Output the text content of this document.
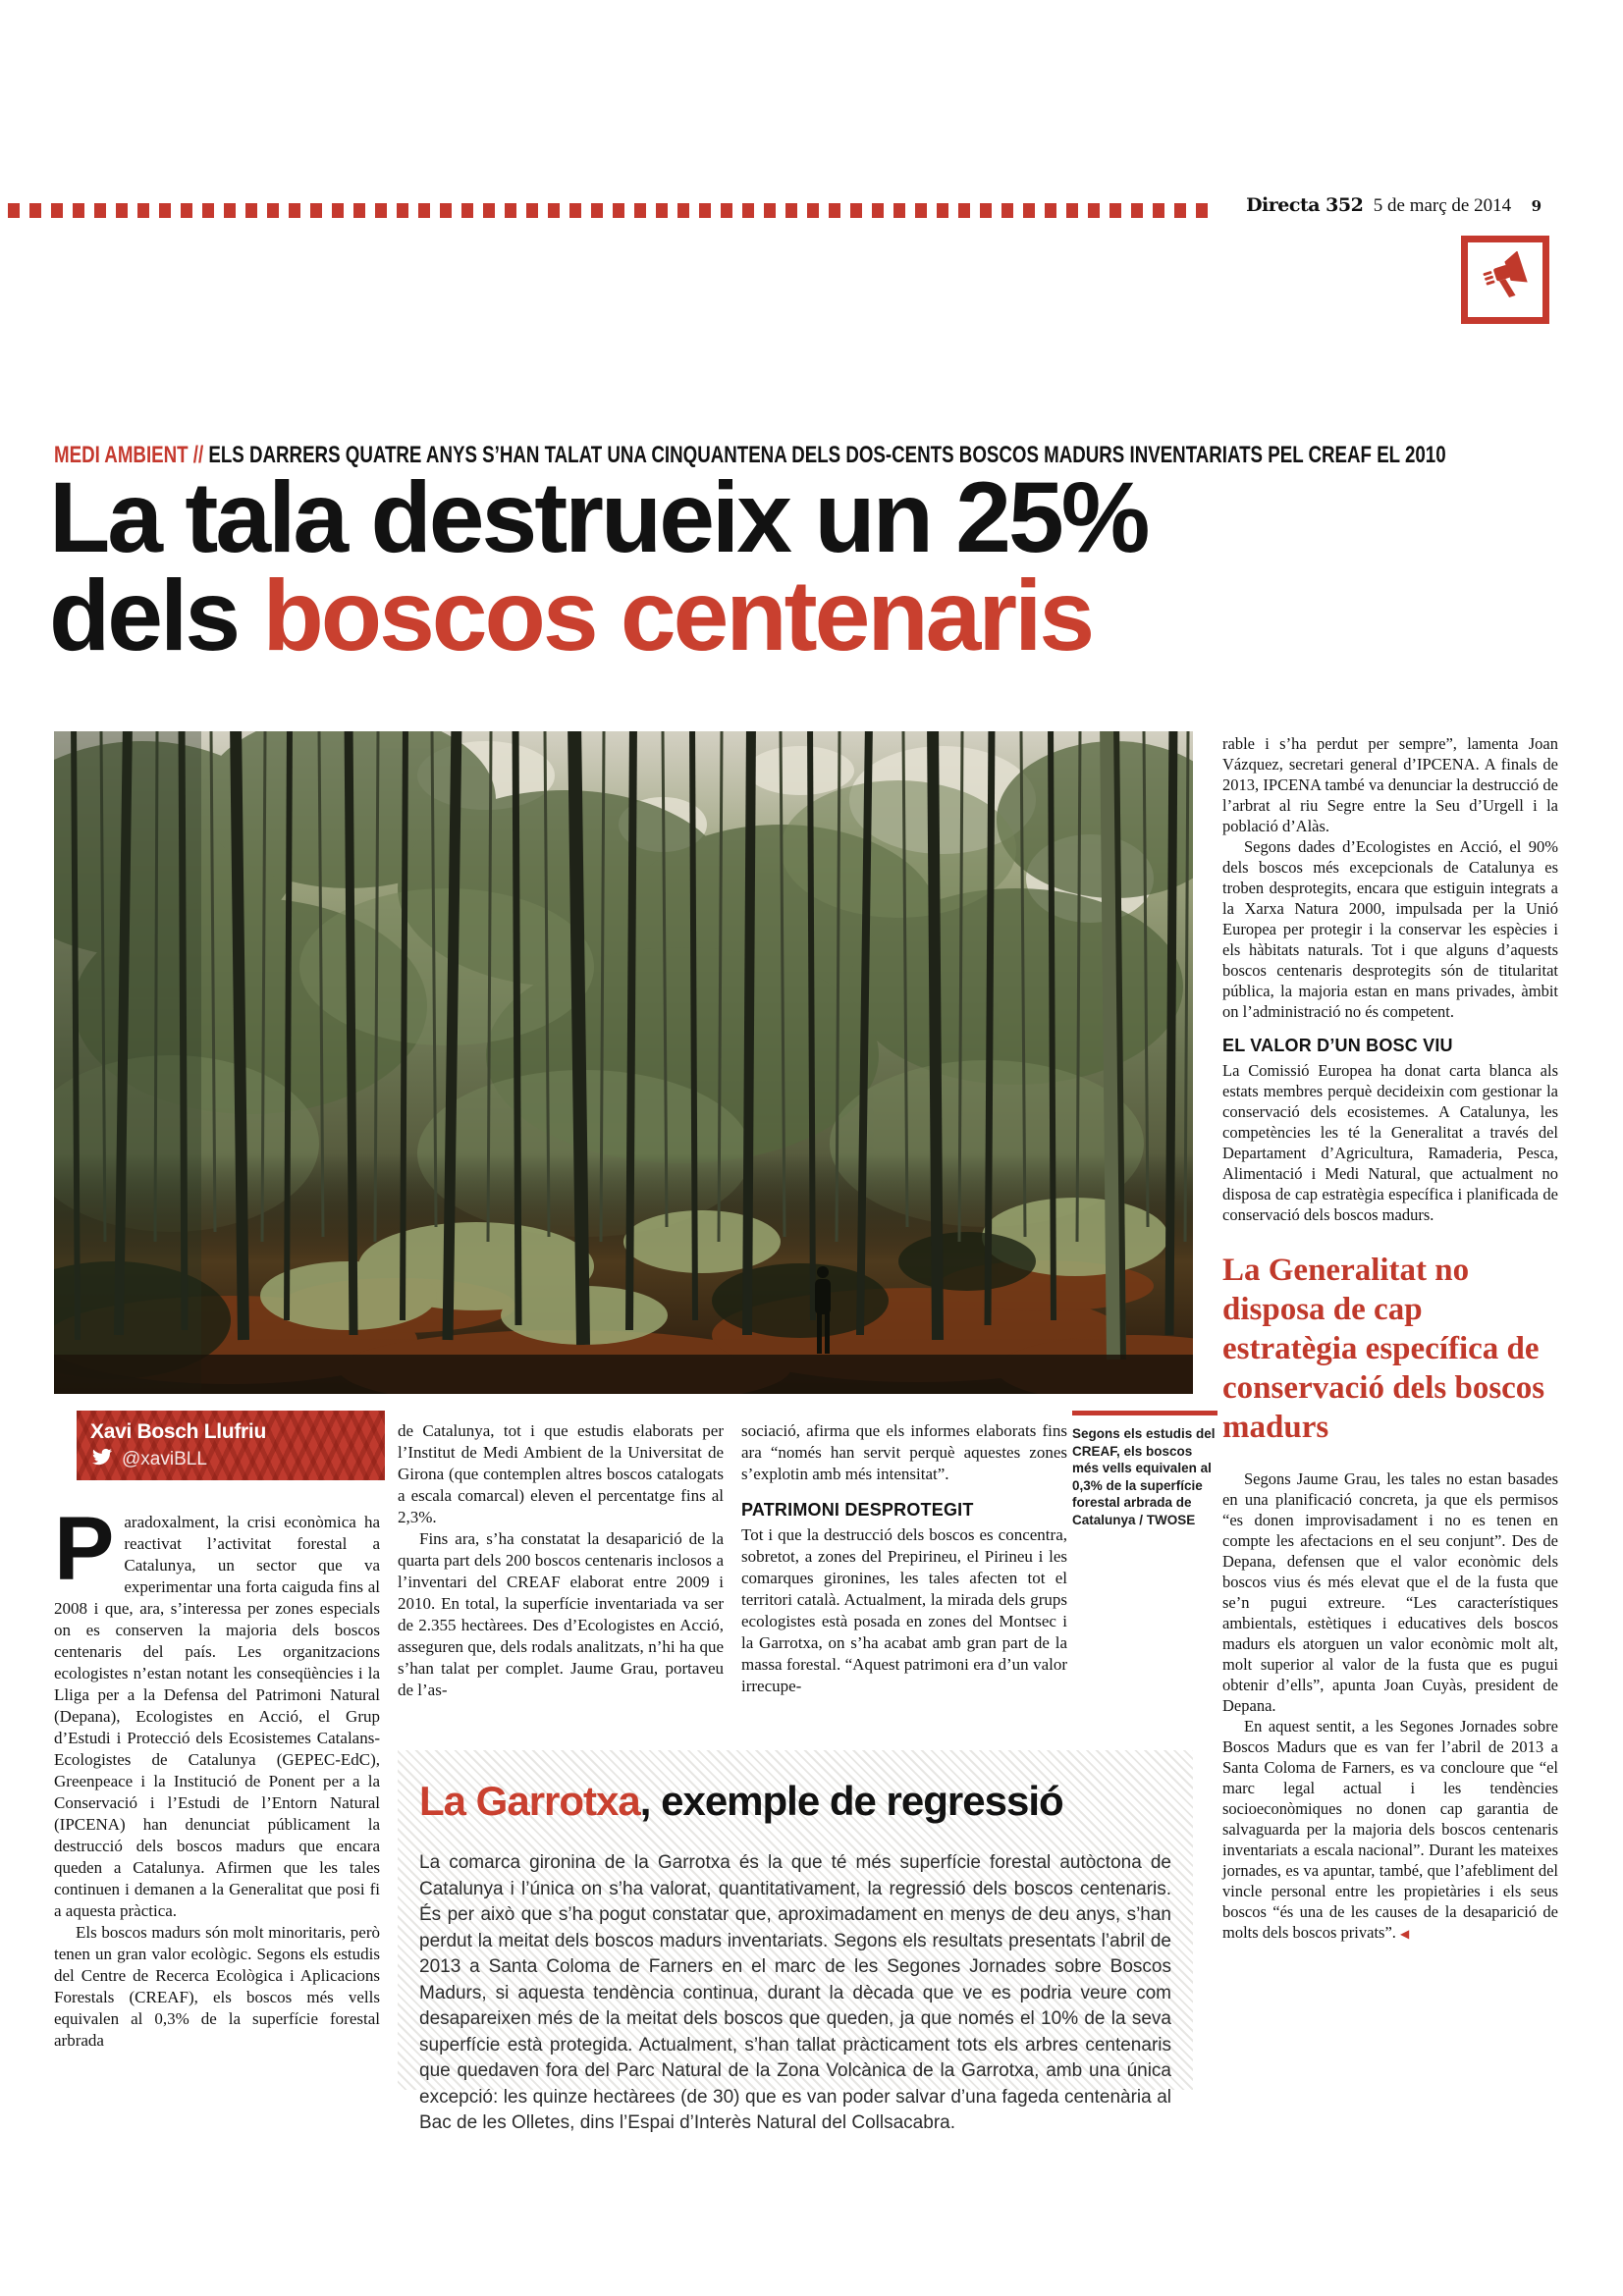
Directa 352 5 de març de 2014 9
MEDI AMBIENT // ELS DARRERS QUATRE ANYS S’HAN TALAT UNA CINQUANTENA DELS DOS-CENTS BOSCOS MADURS INVENTARIATS PEL CREAF EL 2010
La tala destrueix un 25%
dels boscos centenaris
Segons els estudis del CREAF, els boscos més vells equivalen al 0,3% de la superfície forestal arbrada de Catalunya / TWOSE
Xavi Bosch Llufriu
@xaviBLL

Paradoxalment, la crisi econòmica ha reactivat l’activitat forestal a Catalunya, un sector que va experimentar una forta caiguda fins al 2008 i que, ara, s’interessa per zones especials on es conserven la majoria dels boscos centenaris del país. Les organitzacions ecologistes n’estan notant les conseqüències i la Lliga per a la Defensa del Patrimoni Natural (Depana), Ecologistes en Acció, el Grup d’Estudi i Protecció dels Ecosistemes Catalans-Ecologistes de Catalunya (GEPEC-EdC), Greenpeace i la Institució de Ponent per a la Conservació i l’Estudi de l’Entorn Natural (IPCENA) han denunciat públicament la destrucció dels boscos madurs que encara queden a Catalunya. Afirmen que les tales continuen i demanen a la Generalitat que posi fi a aquesta pràctica.

Els boscos madurs són molt minoritaris, però tenen un gran valor ecològic. Segons els estudis del Centre de Recerca Ecològica i Aplicacions Forestals (CREAF), els boscos més vells equivalen al 0,3% de la superfície forestal arbrada

de Catalunya, tot i que estudis elaborats per l’Institut de Medi Ambient de la Universitat de Girona (que contemplen altres boscos catalogats a escala comarcal) eleven el percentatge fins al 2,3%.

Fins ara, s’ha constatat la desaparició de la quarta part dels 200 boscos centenaris inclosos a l’inventari del CREAF elaborat entre 2009 i 2010. En total, la superfície inventariada va ser de 2.355 hectàrees. Des d’Ecologistes en Acció, asseguren que, dels rodals analitzats, n’hi ha que s’han talat per complet. Jaume Grau, portaveu de l’as-

sociació, afirma que els informes elaborats fins ara “només han servit perquè aquestes zones s’explotin amb més intensitat”.

PATRIMONI DESPROTEGIT

Tot i que la destrucció dels boscos es concentra, sobretot, a zones del Prepirineu, el Pirineu i les comarques gironines, les tales afecten tot el territori català. Actualment, la mirada dels grups ecologistes està posada en zones del Montsec i la Garrotxa, on s’ha acabat amb gran part de la massa forestal. “Aquest patrimoni era d’un valor irrecupe-

rable i s’ha perdut per sempre”, lamenta Joan Vázquez, secretari general d’IPCENA. A finals de 2013, IPCENA també va denunciar la destrucció de l’arbrat al riu Segre entre la Seu d’Urgell i la població d’Alàs.

Segons dades d’Ecologistes en Acció, el 90% dels boscos més excepcionals de Catalunya es troben desprotegits, encara que estiguin integrats a la Xarxa Natura 2000, impulsada per la Unió Europea per protegir i la conservar les espècies i els hàbitats naturals. Tot i que alguns d’aquests boscos centenaris desprotegits són de titularitat pública, la majoria estan en mans privades, àmbit on l’administració no és competent.

EL VALOR D’UN BOSC VIU

La Comissió Europea ha donat carta blanca als estats membres perquè decideixin com gestionar la conservació dels ecosistemes. A Catalunya, les competències les té la Generalitat a través del Departament d’Agricultura, Ramaderia, Pesca, Alimentació i Medi Natural, que actualment no disposa de cap estratègia específica i planificada de conservació dels boscos madurs.

La Generalitat no disposa de cap estratègia específica de conservació dels boscos madurs

Segons Jaume Grau, les tales no estan basades en una planificació concreta, ja que els permisos “es donen improvisadament i no es tenen en compte les afectacions en el seu conjunt”. Des de Depana, defensen que el valor econòmic dels boscos vius és més elevat que el de la fusta que se’n pugui extreure. “Les característiques ambientals, estètiques i educatives dels boscos madurs els atorguen un valor econòmic molt alt, molt superior al valor de la fusta que es pugui obtenir d’ells”, apunta Joan Cuyàs, president de Depana.

En aquest sentit, a les Segones Jornades sobre Boscos Madurs que es van fer l’abril de 2013 a Santa Coloma de Farners, es va concloure que “el marc legal actual i les tendències socioeconòmiques no donen cap garantia de salvaguarda per la majoria dels boscos centenaris inventariats a escala nacional”. Durant les mateixes jornades, es va apuntar, també, que l’afebliment del vincle personal entre les propietàries i els seus boscos “és una de les causes de la desaparició de molts dels boscos privats”. ◀

La Garrotxa, exemple de regressió
La comarca gironina de la Garrotxa és la que té més superfície forestal autòctona de Catalunya i l’única on s’ha valorat, quantitativament, la regressió dels boscos centenaris. És per això que s’ha pogut constatar que, aproximadament en menys de deu anys, s’han perdut la meitat dels boscos madurs inventariats. Segons els resultats presentats l’abril de 2013 a Santa Coloma de Farners en el marc de les Segones Jornades sobre Boscos Madurs, si aquesta tendència continua, durant la dècada que ve es podria veure com desapareixen més de la meitat dels boscos que queden, ja que només el 10% de la seva superfície està protegida. Actualment, s’han tallat pràcticament tots els arbres centenaris que quedaven fora del Parc Natural de la Zona Volcànica de la Garrotxa, amb una única excepció: les quinze hectàrees (de 30) que es van poder salvar d’una fageda centenària al Bac de les Olletes, dins l’Espai d’Interès Natural del Collsacabra.
